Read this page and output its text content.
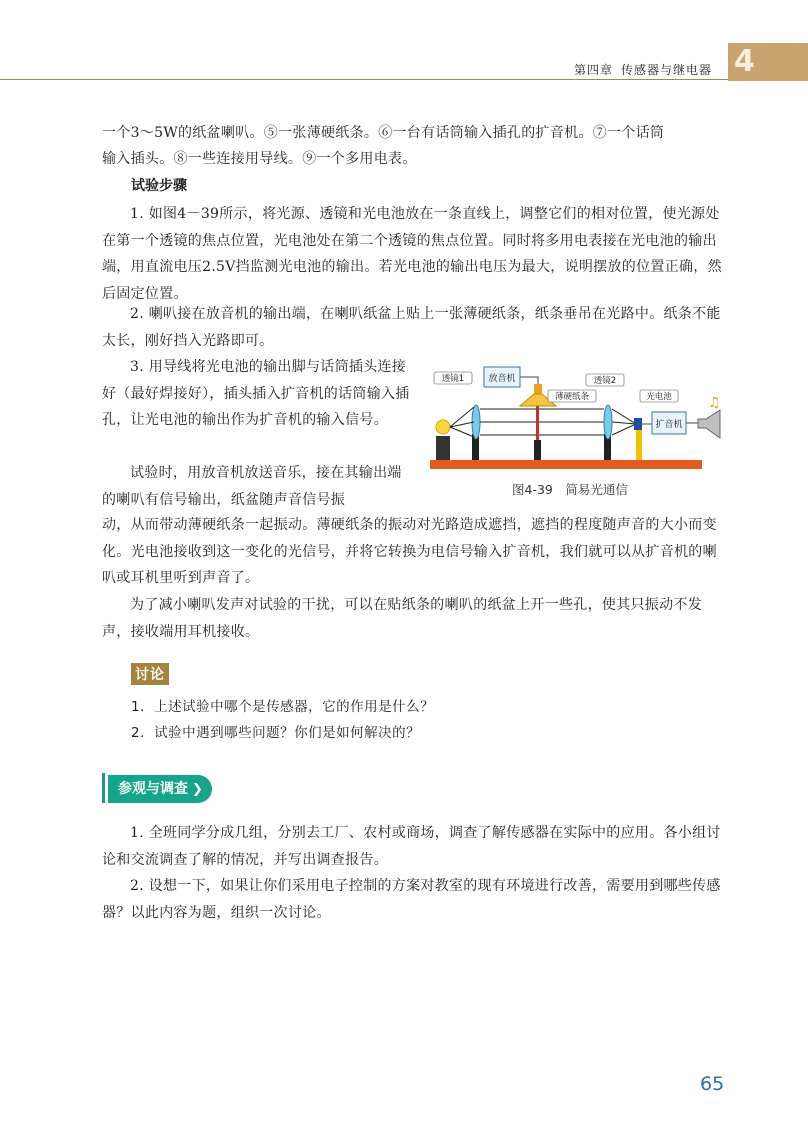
第四章 传感器与继电器 4

一个3～5W的纸盆喇叭。⑤一张薄硬纸条。⑥一台有话筒输入插孔的扩音机。⑦一个话筒

输入插头。⑧一些连接用导线。⑨一个多用电表。

试验步骤

1. 如图4－39所示，将光源、透镜和光电池放在一条直线上，调整它们的相对位置，使光源处在第一个透镜的焦点位置，光电池处在第二个透镜的焦点位置。同时将多用电表接在光电池的输出端，用直流电压2.5V挡监测光电池的输出。若光电池的输出电压为最大，说明摆放的位置正确，然后固定位置。

2. 喇叭接在放音机的输出端，在喇叭纸盆上贴上一张薄硬纸条，纸条垂吊在光路中。纸条不能太长，刚好挡入光路即可。

3. 用导线将光电池的输出脚与话筒插头连接好（最好焊接好），插头插入扩音机的话筒输入插孔，让光电池的输出作为扩音机的输入信号。

试验时，用放音机放送音乐，接在其输出端的喇叭有信号输出，纸盆随声音信号振

动，从而带动薄硬纸条一起振动。薄硬纸条的振动对光路造成遮挡，遮挡的程度随声音的大小而变化。光电池接收到这一变化的光信号，并将它转换为电信号输入扩音机，我们就可以从扩音机的喇叭或耳机里听到声音了。

为了减小喇叭发声对试验的干扰，可以在贴纸条的喇叭的纸盆上开一些孔，使其只振动不发声，接收端用耳机接收。

放音机
薄硬纸条
透镜1	透镜2
光电池
扩音机
♫
图4-39　简易光通信
讨论
1．上述试验中哪个是传感器，它的作用是什么？
2．试验中遇到哪些问题？你们是如何解决的？
参观与调查 ❯

1. 全班同学分成几组，分别去工厂、农村或商场，调查了解传感器在实际中的应用。各小组讨论和交流调查了解的情况，并写出调查报告。

2. 设想一下，如果让你们采用电子控制的方案对教室的现有环境进行改善，需要用到哪些传感器？以此内容为题，组织一次讨论。

65
